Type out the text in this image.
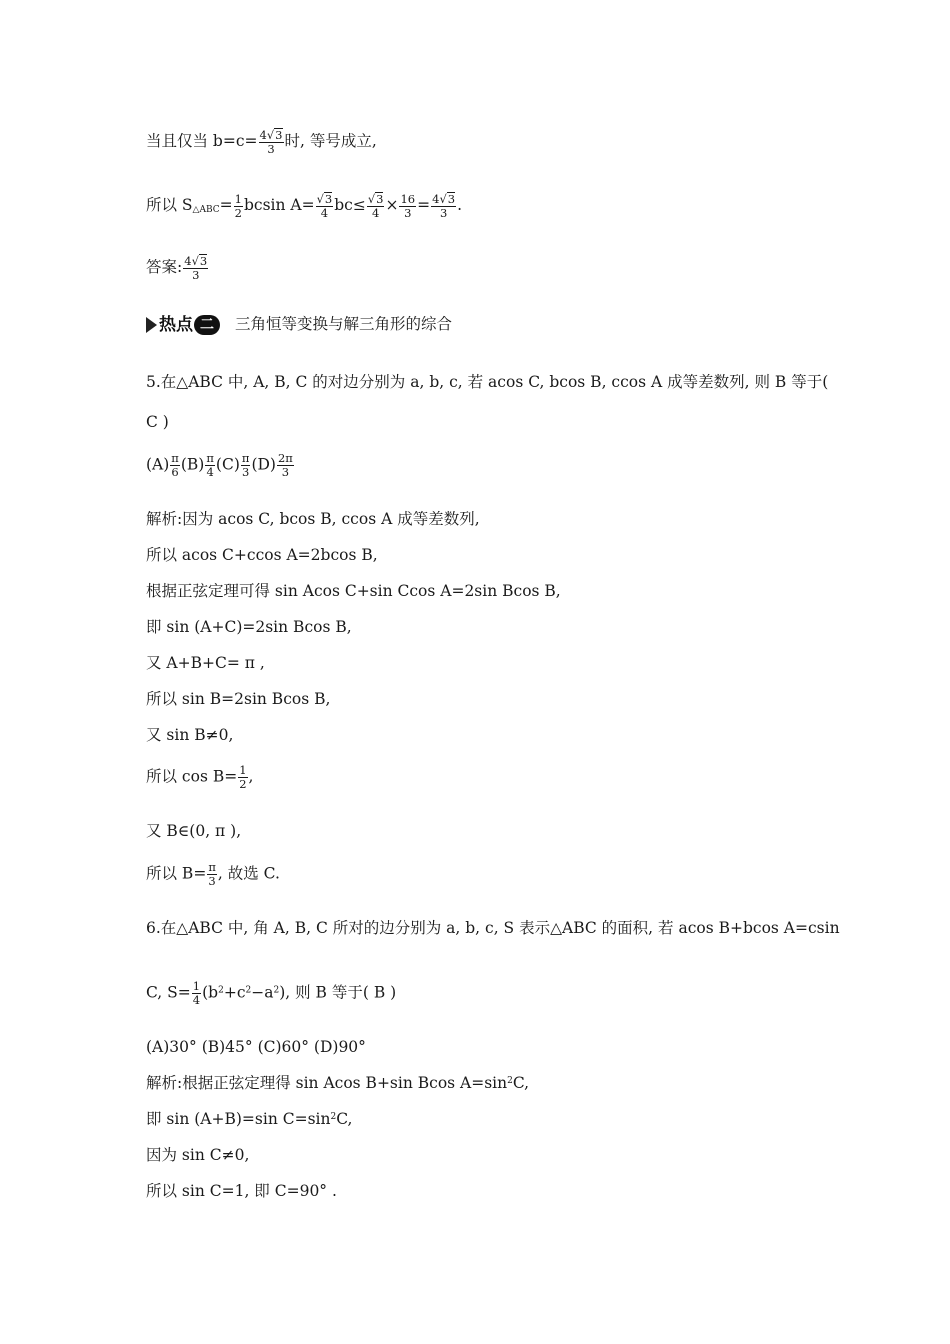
当且仅当 $b=c= \frac{4√3}{3}$ 时, 等号成立,
所以 $S_{\triangle ABC}= \frac{1}{2}$ bcsin $A= \frac{√3}{4} bc\le \frac{√3}{4} \times \frac{16}{3} = \frac{4√3}{3}$ .
答案: $\frac{4√3}{3}$
热点 二	三角恒等变换与解三角形的综合
5.在△ABC 中, A, B, C 的对边分别为 a, b, c, 若 acos C, bcos B, ccos A 成等差数列, 则 B 等于(
C )
$(A) \frac{\pi}{6} (B) \frac{\pi}{4} (C) \frac{\pi}{3} (D) \frac{2\pi}{3}$
解析:因为 acos C, bcos B, ccos A 成等差数列,
所以 acos C+ccos A=2bcos B,
根据正弦定理可得 sin Acos C+sin Ccos A=2sin Bcos B,
即 sin (A+C)=2sin Bcos B,
又 A+B+C= π ,
所以 sin B=2sin Bcos B,
又 sin B≠0,
所以 $\cos B= \frac{1}{2}$ ,
又 B∈(0, π ),
所以 $B= \frac{\pi}{3}$ , 故选 C.
6.在△ABC 中, 角 A, B, C 所对的边分别为 a, b, c, S 表示△ABC 的面积, 若 acos B+bcos A=csin
C, $S= \frac{1}{4} (b^2+c^2-a^2)$, 则 B 等于( B )
(A)30° (B)45° (C)60° (D)90°
解析:根据正弦定理得 sin Acos B+sin Bcos $A=\sin^2C$,
即 sin (A+B)=sin $C=\sin^2C$,
因为 sin C≠0,
所以 sin C=1, 即 C=90° .
